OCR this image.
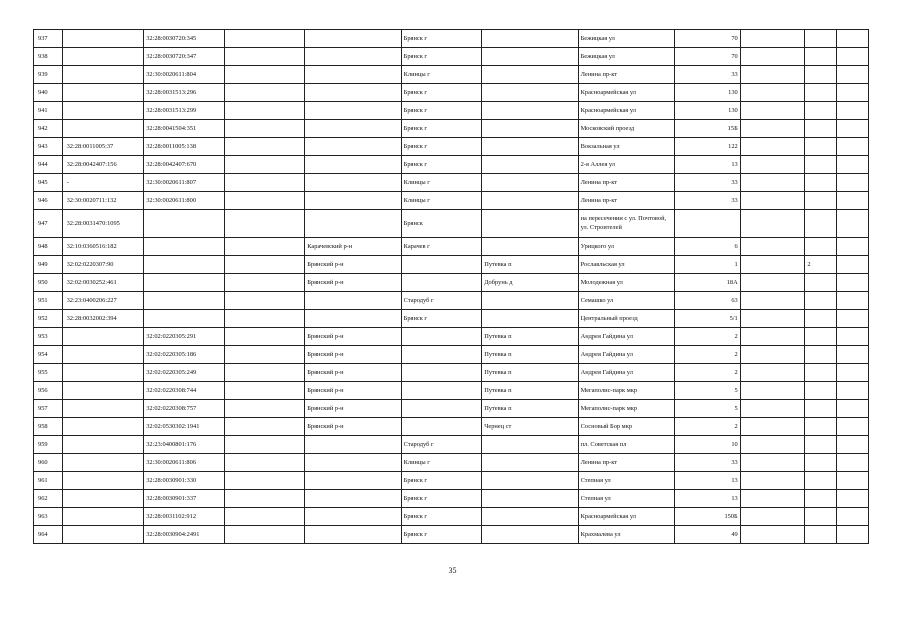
937		32:28:0030720:345			Брянск г		Бежицкая ул	70			
938		32:28:0030720:347			Брянск г		Бежицкая ул	70			
939		32:30:0020611:804			Клинцы г		Ленина пр-кт	33			
940		32:28:0031513:296			Брянск г		Красноармейская ул	130			
941		32:28:0031513:299			Брянск г		Красноармейская ул	130			
942		32:28:0041504:351			Брянск г		Московский проезд	15Б			
943	32:28:0011005:37	32:28:0011005:138			Брянск г		Вокзальная ул	122			
944	32:28:0042407:156	32:28:0042407:670			Брянск г		2-я Аллея ул	13			
945	-	32:30:0020611:807			Клинцы г		Ленина пр-кт	33			
946	32:30:0020711:132	32:30:0020611:800			Клинцы г		Ленина пр-кт	33			
947	32:28:0031470:1095				Брянск		на пересечении с ул. Почтовой, ул. Строителей				
948	32:10:0360516:182			Карачевский р-н	Карачев г		Урицкого ул	6			
949	32:02:0220307:90			Брянский р-н		Путевка п	Рославльская ул	1		2	
950	32:02:0030252:461			Брянский р-н		Добрунь д	Молодежная ул	18А			
951	32:23:0400206:227				Стародуб г		Семашко ул	63			
952	32:28:0032002:394				Брянск г		Центральный проезд	5/1			
953		32:02:0220305:291		Брянский р-н		Путевка п	Андрея Гайдина ул	2			
954		32:02:0220305:186		Брянский р-н		Путевка п	Андрея Гайдина ул	2			
955		32:02:0220305:249		Брянский р-н		Путевка п	Андрея Гайдина ул	2			
956		32:02:0220308:744		Брянский р-н		Путевка п	Мегаполис-парк мкр	5			
957		32:02:0220308:757		Брянский р-н		Путевка п	Мегаполис-парк мкр	5			
958		32:02:0530302:1941		Брянский р-н		Чернец ст	Сосновый Бор мкр	2			
959		32:23:0400801:176			Стародуб г		пл. Советская пл	10			
960		32:30:0020611:806			Клинцы г		Ленина пр-кт	33			
961		32:28:0030901:330			Брянск г		Степная ул	13			
962		32:28:0030901:337			Брянск г		Степная ул	13			
963		32:28:0031102:912			Брянск г		Красноармейская ул	150Б			
964		32:28:0030904:2491			Брянск г		Крахмалева ул	49			
35
